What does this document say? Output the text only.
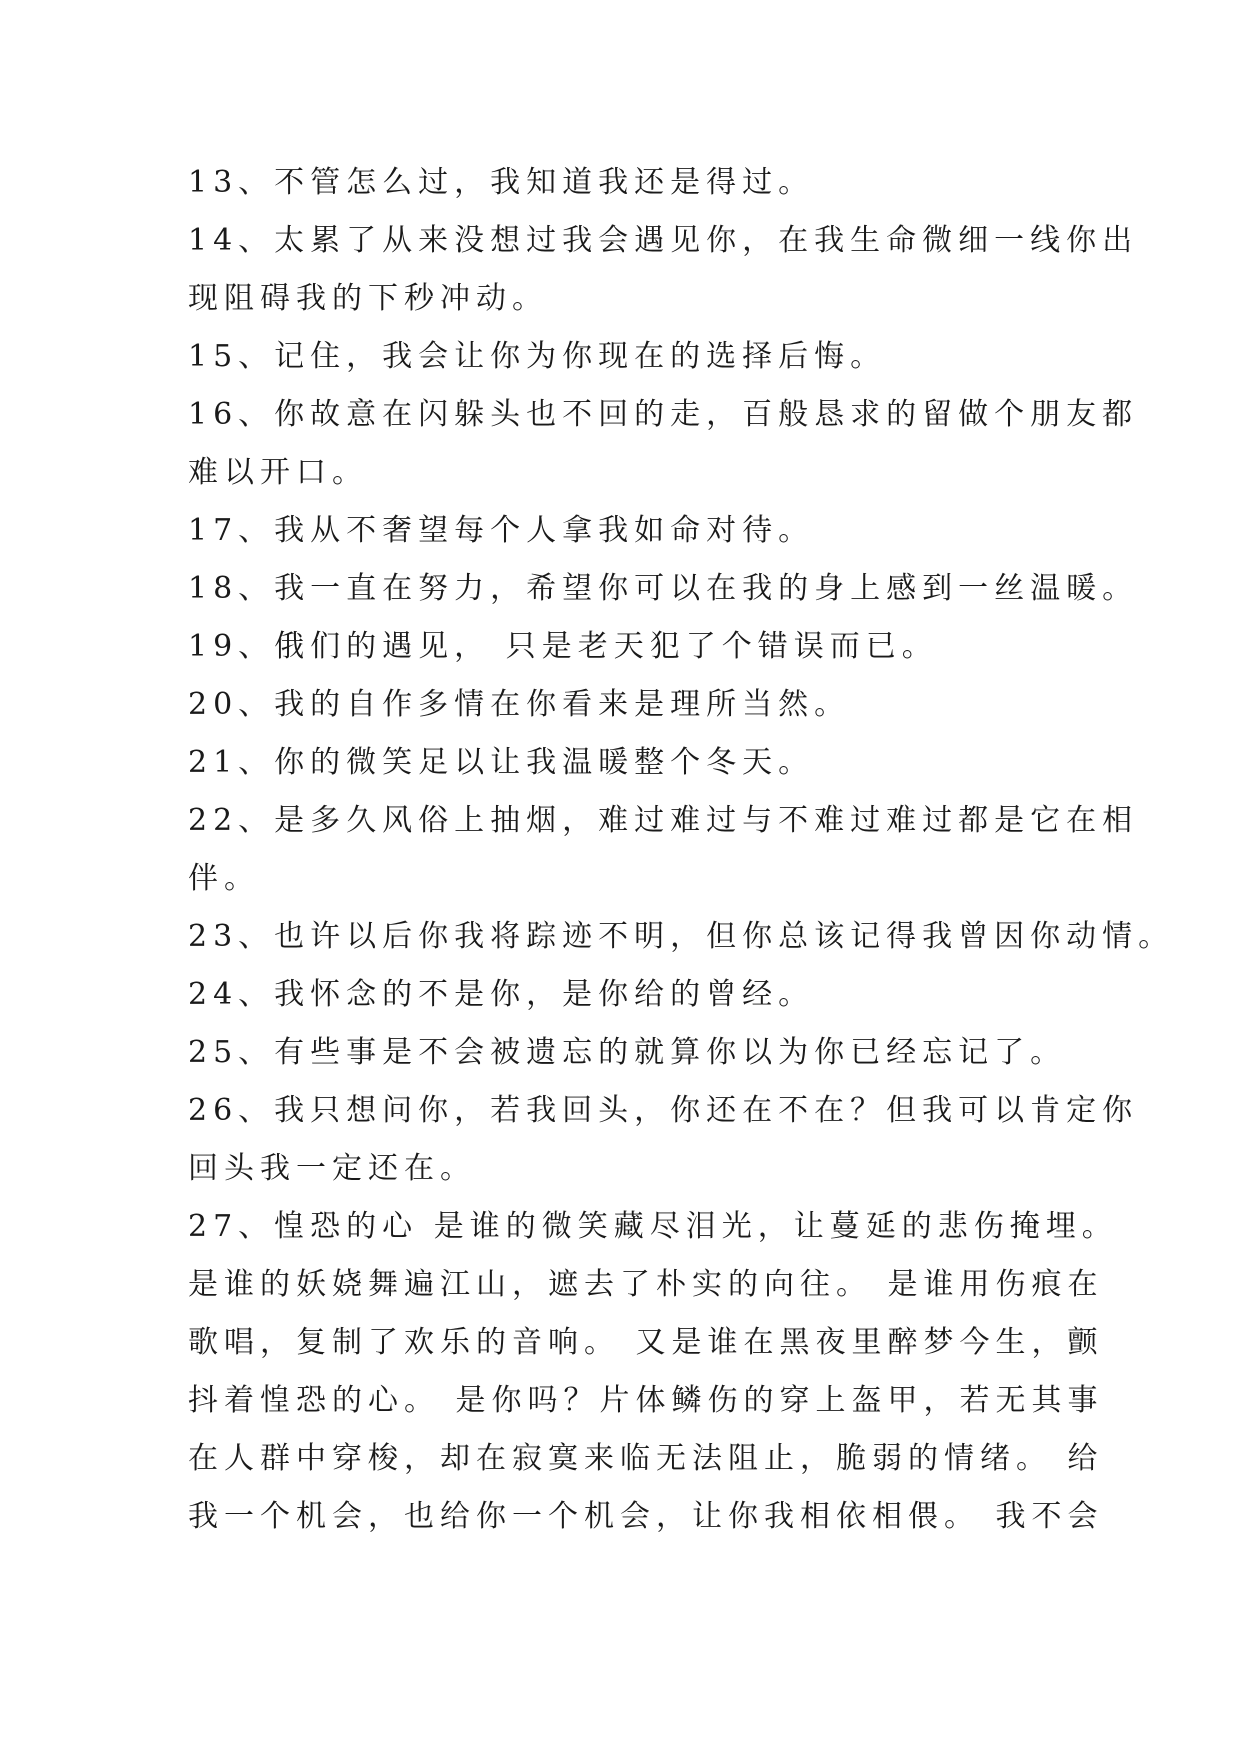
13、不管怎么过，我知道我还是得过。
14、太累了从来没想过我会遇见你，在我生命微细一线你出
现阻碍我的下秒冲动。
15、记住，我会让你为你现在的选择后悔。
16、你故意在闪躲头也不回的走，百般恳求的留做个朋友都
难以开口。
17、我从不奢望每个人拿我如命对待。
18、我一直在努力，希望你可以在我的身上感到一丝温暖。
19、俄们的遇见， 只是老天犯了个错误而已。
20、我的自作多情在你看来是理所当然。
21、你的微笑足以让我温暖整个冬天。
22、是多久风俗上抽烟，难过难过与不难过难过都是它在相
伴。
23、也许以后你我将踪迹不明，但你总该记得我曾因你动情。
24、我怀念的不是你，是你给的曾经。
25、有些事是不会被遗忘的就算你以为你已经忘记了。
26、我只想问你，若我回头，你还在不在？但我可以肯定你
回头我一定还在。
27、惶恐的心 是谁的微笑藏尽泪光，让蔓延的悲伤掩埋。
是谁的妖娆舞遍江山，遮去了朴实的向往。 是谁用伤痕在
歌唱，复制了欢乐的音响。 又是谁在黑夜里醉梦今生，颤
抖着惶恐的心。 是你吗？片体鳞伤的穿上盔甲，若无其事
在人群中穿梭，却在寂寞来临无法阻止，脆弱的情绪。 给
我一个机会，也给你一个机会，让你我相依相偎。 我不会
